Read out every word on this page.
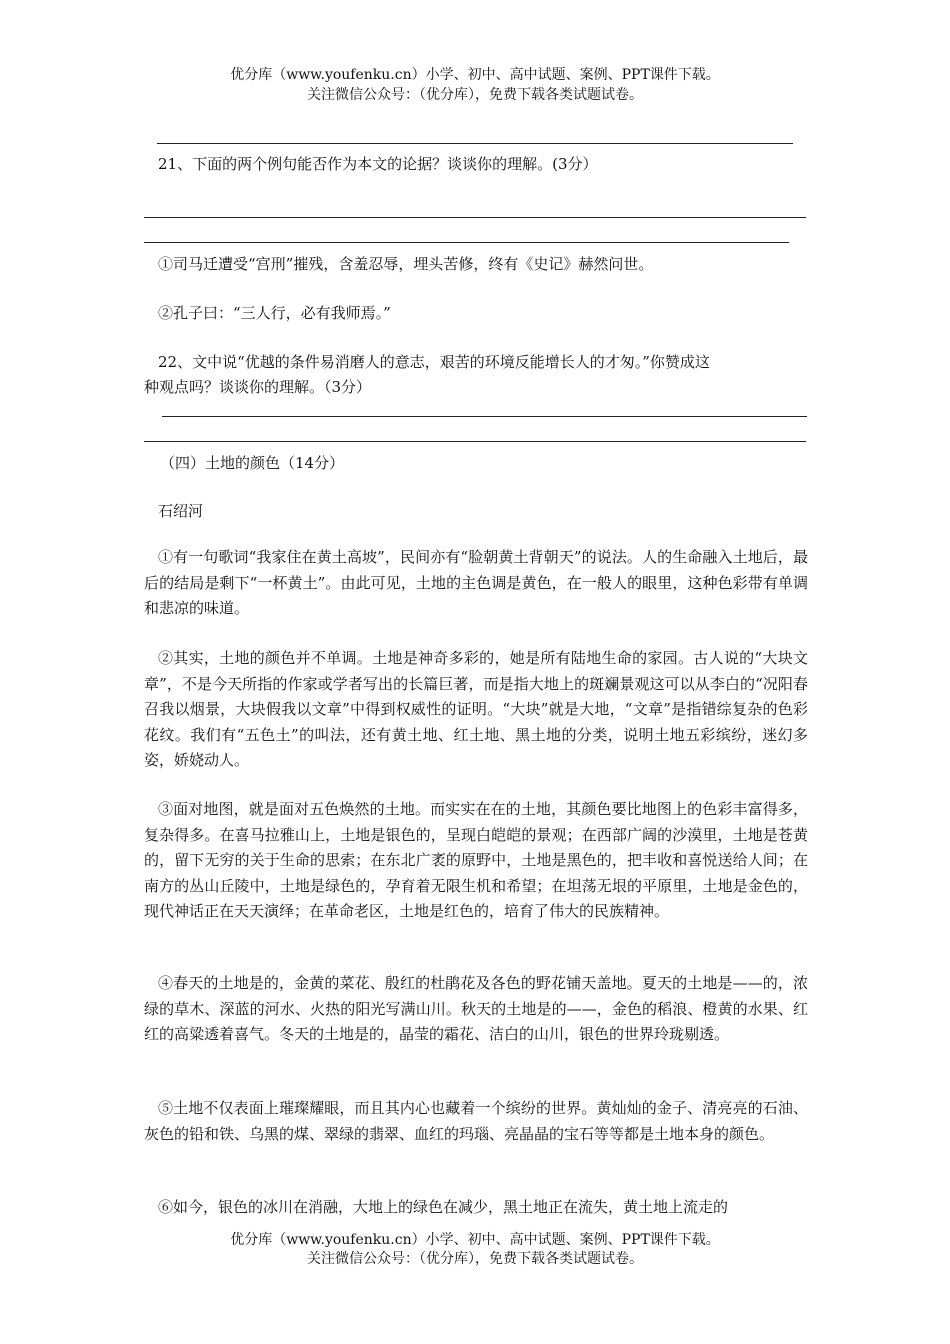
优分库（www.youfenku.cn）小学、初中、高中试题、案例、PPT课件下载。
关注微信公众号：（优分库），免费下载各类试题试卷。
21、下面的两个例句能否作为本文的论据？谈谈你的理解。(3分）
①司马迁遭受“宫刑”摧残，含羞忍辱，埋头苦修，终有《史记》赫然问世。
②孔子曰：“三人行，必有我师焉。”
22、文中说“优越的条件易消磨人的意志，艰苦的环境反能增长人的才匆。”你赞成这
种观点吗？谈谈你的理解。（3分）
（四）土地的颜色（14分）
石绍河
①有一句歌词“我家住在黄土高坡”，民间亦有“脸朝黄土背朝天”的说法。人的生命融入土地后，最后的结局是剩下“一杯黄土”。由此可见，土地的主色调是黄色，在一般人的眼里，这种色彩带有单调和悲凉的味道。
②其实，土地的颜色并不单调。土地是神奇多彩的，她是所有陆地生命的家园。古人说的“大块文章”，不是今天所指的作家或学者写出的长篇巨著，而是指大地上的斑斓景观这可以从李白的“况阳春召我以烟景，大块假我以文章”中得到权威性的证明。“大块”就是大地，“文章”是指错综复杂的色彩花纹。我们有“五色土”的叫法，还有黄土地、红土地、黑土地的分类，说明土地五彩缤纷，迷幻多姿，娇娆动人。
③面对地图，就是面对五色焕然的土地。而实实在在的土地，其颜色要比地图上的色彩丰富得多，复杂得多。在喜马拉雅山上，土地是银色的，呈现白皑皑的景观；在西部广阔的沙漠里，土地是苍黄的，留下无穷的关于生命的思索；在东北广袤的原野中，土地是黑色的，把丰收和喜悦送给人间；在南方的丛山丘陵中，土地是绿色的，孕育着无限生机和希望；在坦荡无垠的平原里，土地是金色的，现代神话正在天天演绎；在革命老区，土地是红色的，培育了伟大的民族精神。
④春天的土地是的，金黄的菜花、殷红的杜鹃花及各色的野花铺天盖地。夏天的土地是——的，浓绿的草木、深蓝的河水、火热的阳光写满山川。秋天的土地是的——，金色的稻浪、橙黄的水果、红红的高粱透着喜气。冬天的土地是的，晶莹的霜花、洁白的山川，银色的世界玲珑剔透。
⑤土地不仅表面上璀璨耀眼，而且其内心也藏着一个缤纷的世界。黄灿灿的金子、清亮亮的石油、灰色的铅和铁、乌黑的煤、翠绿的翡翠、血红的玛瑙、亮晶晶的宝石等等都是土地本身的颜色。
⑥如今，银色的冰川在消融，大地上的绿色在减少，黑土地正在流失，黄土地上流走的
优分库（www.youfenku.cn）小学、初中、高中试题、案例、PPT课件下载。
关注微信公众号：（优分库），免费下载各类试题试卷。
